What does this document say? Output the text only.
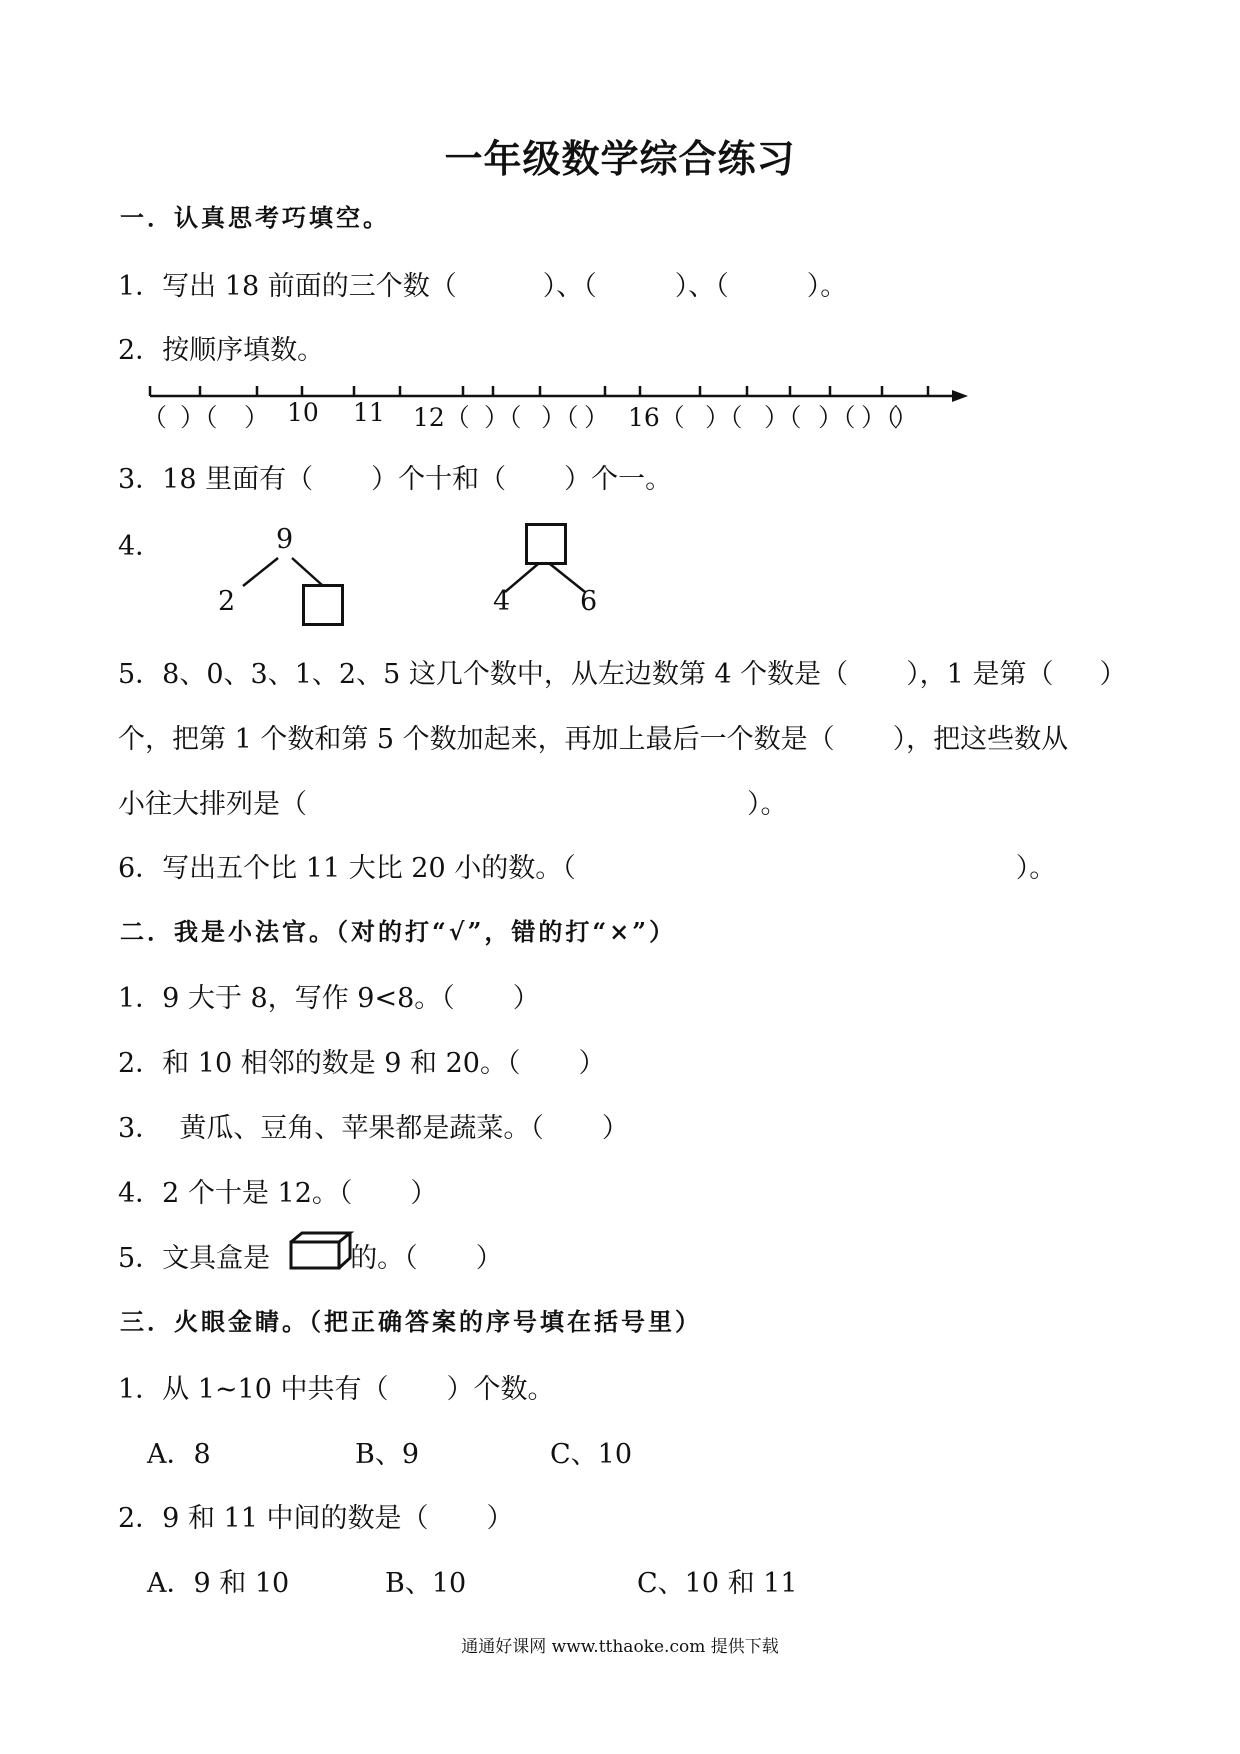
一年级数学综合练习
一．认真思考巧填空。
1．写出 18 前面的三个数（	）、（	）、（	）。
2．按顺序填数。
（ ）（ ） 10 11 12（ ）（ ）（ ） 16（ ）（ ）（ ）（ ）（
）
3．18 里面有（ ）个十和（ ）个一。
4．	9
2	4	6
5．8、0、3、1、2、5 这几个数中，从左边数第 4 个数是（ ），1 是第（ ）
个，把第 1 个数和第 5 个数加起来，再加上最后一个数是（ ），把这些数从
小往大排列是（	）。
6．写出五个比 11 大比 20 小的数。（	）。
二．我是小法官。（对的打“√”，错的打“×”）
1．9 大于 8，写作 9<8。（ ）
2．和 10 相邻的数是 9 和 20。（ ）
3．  黄瓜、豆角、苹果都是蔬菜。（ ）
4．2 个十是 12。（ ）
5．文具盒是	的。（ ）
三．火眼金睛。（把正确答案的序号填在括号里）
1．从 1~10 中共有（ ）个数。
A．8	B、9	C、10
2．9 和 11 中间的数是（ ）
A．9 和 10	B、10	C、10 和 11
通通好课网 www.tthaoke.com 提供下载
